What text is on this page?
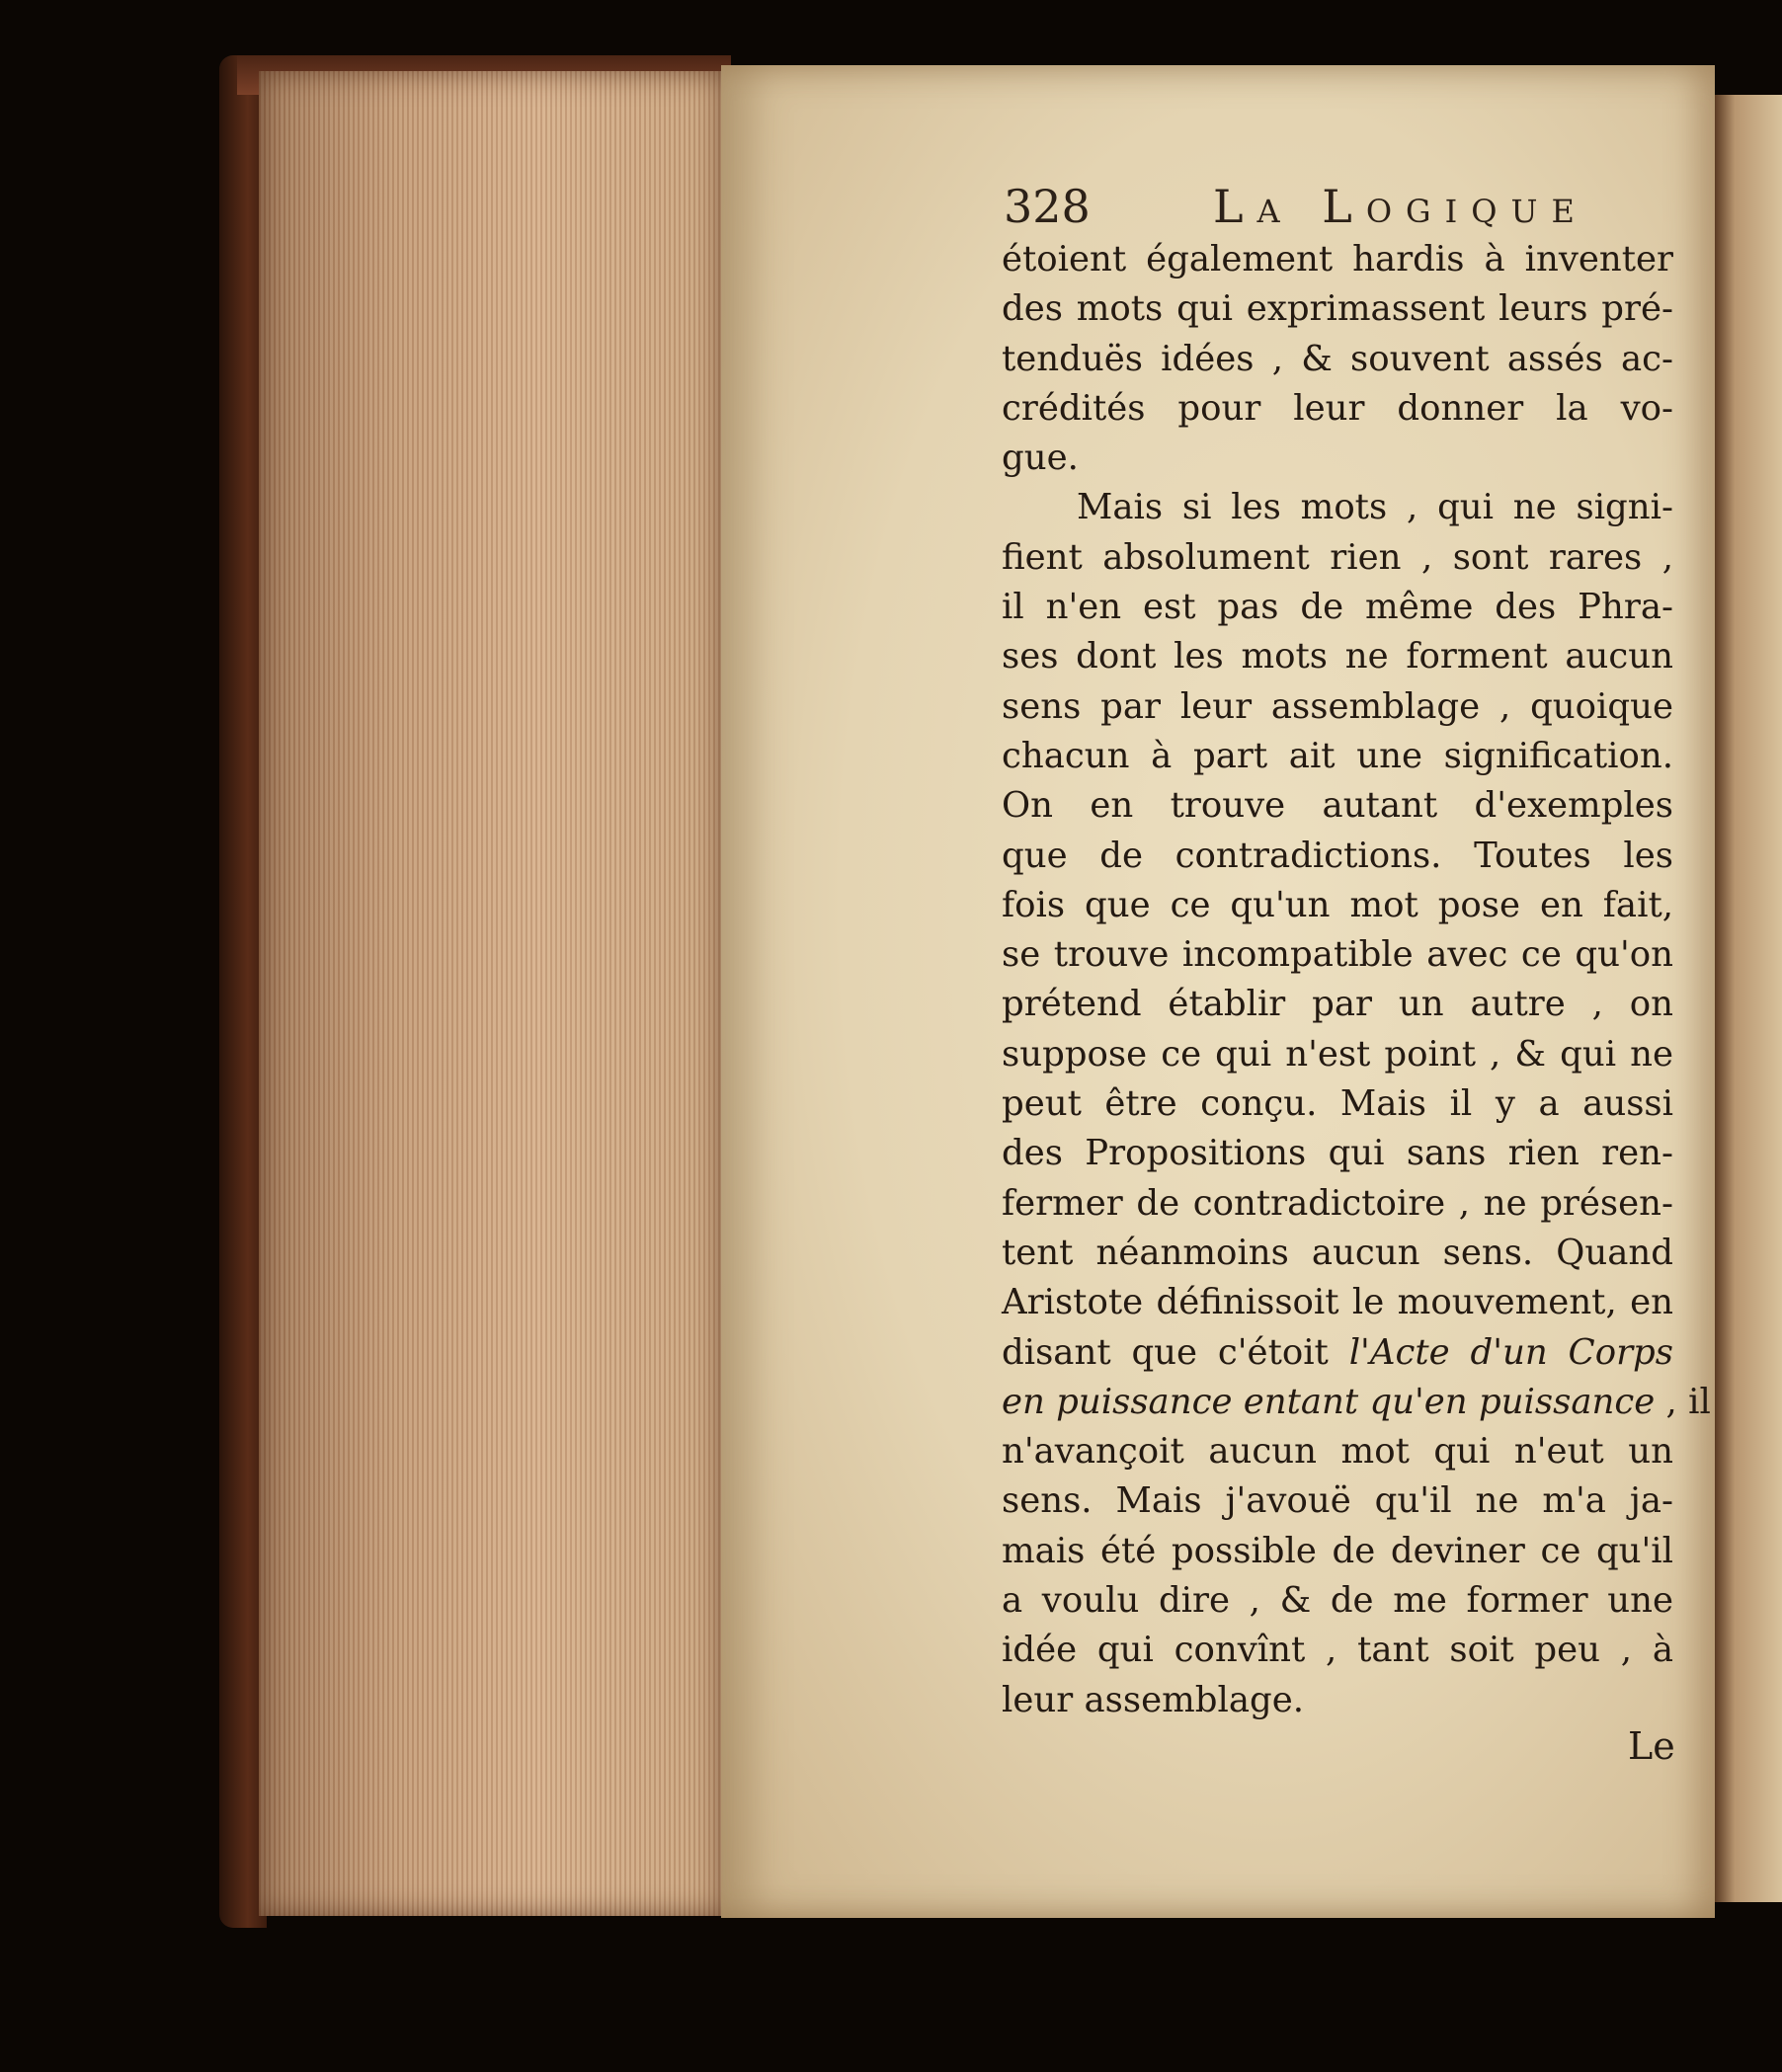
328	La Logique
étoient également hardis à inventer
des mots qui exprimassent leurs pré-
tenduës idées , & souvent assés ac-
crédités pour leur donner la vo-
gue.
Mais si les mots , qui ne signi-
fient absolument rien , sont rares ,
il n'en est pas de même des Phra-
ses dont les mots ne forment aucun
sens par leur assemblage , quoique
chacun à part ait une signification.
On en trouve autant d'exemples
que de contradictions. Toutes les
fois que ce qu'un mot pose en fait,
se trouve incompatible avec ce qu'on
prétend établir par un autre , on
suppose ce qui n'est point , & qui ne
peut être conçu. Mais il y a aussi
des Propositions qui sans rien ren-
fermer de contradictoire , ne présen-
tent néanmoins aucun sens. Quand
Aristote définissoit le mouvement, en
disant que c'étoit l'Acte d'un Corps
en puissance entant qu'en puissance , il
n'avançoit aucun mot qui n'eut un
sens. Mais j'avouë qu'il ne m'a ja-
mais été possible de deviner ce qu'il
a voulu dire , & de me former une
idée qui convînt , tant soit peu , à
leur assemblage.
Le
